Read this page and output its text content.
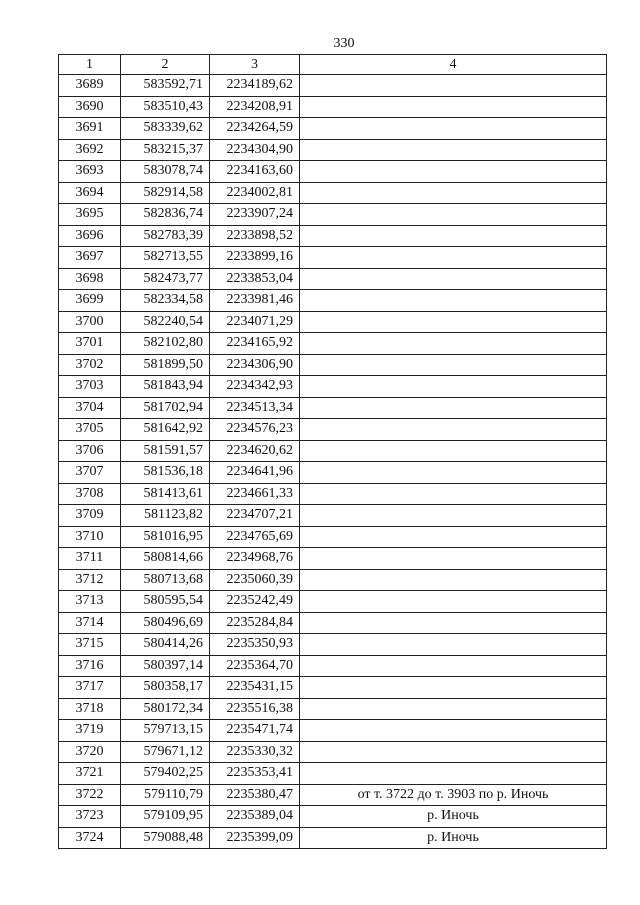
330
1	2	3	4
3689	583592,71	2234189,62	
3690	583510,43	2234208,91	
3691	583339,62	2234264,59	
3692	583215,37	2234304,90	
3693	583078,74	2234163,60	
3694	582914,58	2234002,81	
3695	582836,74	2233907,24	
3696	582783,39	2233898,52	
3697	582713,55	2233899,16	
3698	582473,77	2233853,04	
3699	582334,58	2233981,46	
3700	582240,54	2234071,29	
3701	582102,80	2234165,92	
3702	581899,50	2234306,90	
3703	581843,94	2234342,93	
3704	581702,94	2234513,34	
3705	581642,92	2234576,23	
3706	581591,57	2234620,62	
3707	581536,18	2234641,96	
3708	581413,61	2234661,33	
3709	581123,82	2234707,21	
3710	581016,95	2234765,69	
3711	580814,66	2234968,76	
3712	580713,68	2235060,39	
3713	580595,54	2235242,49	
3714	580496,69	2235284,84	
3715	580414,26	2235350,93	
3716	580397,14	2235364,70	
3717	580358,17	2235431,15	
3718	580172,34	2235516,38	
3719	579713,15	2235471,74	
3720	579671,12	2235330,32	
3721	579402,25	2235353,41	
3722	579110,79	2235380,47	от т. 3722 до т. 3903 по р. Иночь
3723	579109,95	2235389,04	р. Иночь
3724	579088,48	2235399,09	р. Иночь
